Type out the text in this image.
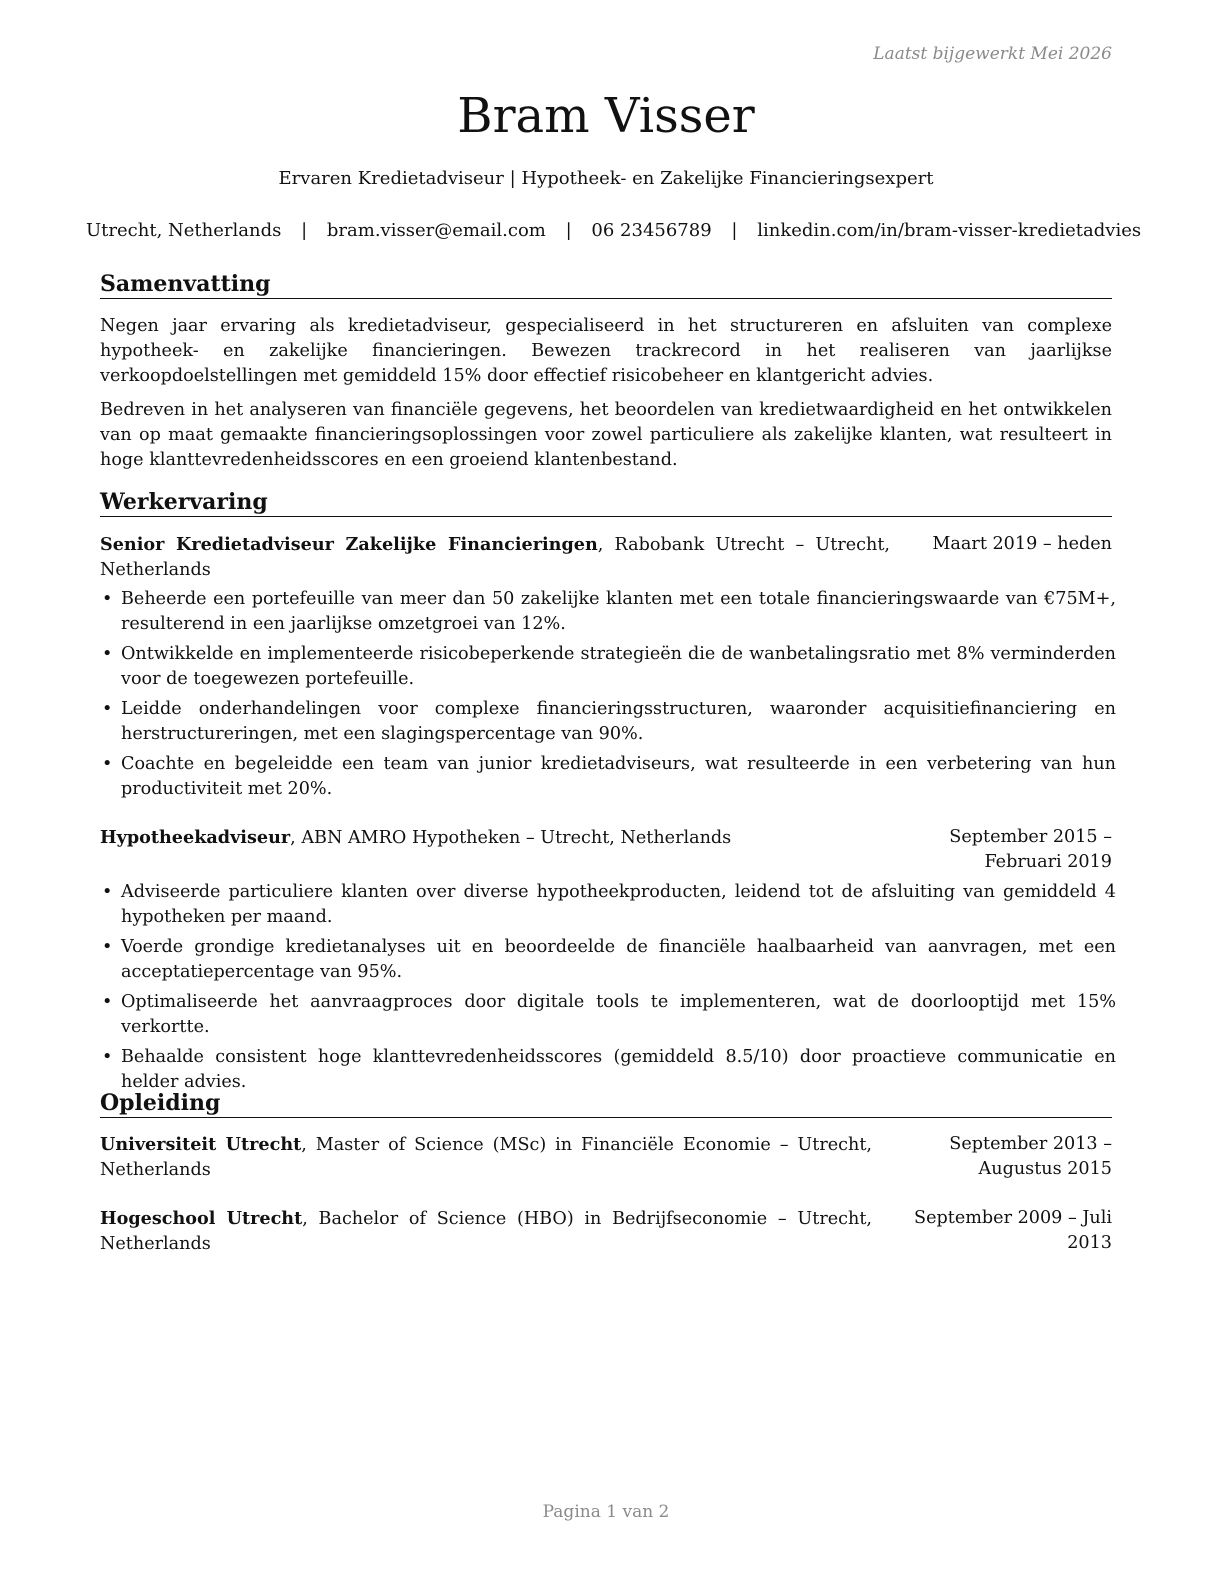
Laatst bijgewerkt Mei 2026
Bram Visser
Ervaren Kredietadviseur | Hypotheek- en Zakelijke Financieringsexpert
Utrecht, Netherlands | bram.visser@email.com | 06 23456789 | linkedin.com/in/bram-visser-kredietadvies
Samenvatting

Negen jaar ervaring als kredietadviseur, gespecialiseerd in het structureren en afsluiten van complexe hypotheek- en zakelijke financieringen. Bewezen trackrecord in het realiseren van jaarlijkse verkoopdoelstellingen met gemiddeld 15% door effectief risicobeheer en klantgericht advies.

Bedreven in het analyseren van financiële gegevens, het beoordelen van kredietwaardigheid en het ontwikkelen van op maat gemaakte financieringsoplossingen voor zowel particuliere als zakelijke klanten, wat resulteert in hoge klanttevredenheidsscores en een groeiend klantenbestand.

Werkervaring
Senior Kredietadviseur Zakelijke Financieringen, Rabobank Utrecht – Utrecht, Netherlands
Maart 2019 – heden
• Beheerde een portefeuille van meer dan 50 zakelijke klanten met een totale financieringswaarde van €75M+, resulterend in een jaarlijkse omzetgroei van 12%.
• Ontwikkelde en implementeerde risicobeperkende strategieën die de wanbetalingsratio met 8% verminderden voor de toegewezen portefeuille.
• Leidde onderhandelingen voor complexe financieringsstructuren, waaronder acquisitiefinanciering en herstructureringen, met een slagingspercentage van 90%.
• Coachte en begeleidde een team van junior kredietadviseurs, wat resulteerde in een verbetering van hun productiviteit met 20%.
Hypotheekadviseur, ABN AMRO Hypotheken – Utrecht, Netherlands	September 2015 – Februari 2019
• Adviseerde particuliere klanten over diverse hypotheekproducten, leidend tot de afsluiting van gemiddeld 4 hypotheken per maand.
• Voerde grondige kredietanalyses uit en beoordeelde de financiële haalbaarheid van aanvragen, met een acceptatiepercentage van 95%.
• Optimaliseerde het aanvraagproces door digitale tools te implementeren, wat de doorlooptijd met 15% verkortte.
• Behaalde consistent hoge klanttevredenheidsscores (gemiddeld 8.5/10) door proactieve communicatie en helder advies.
Opleiding
Universiteit Utrecht, Master of Science (MSc) in Financiële Economie – Utrecht, Netherlands
September 2013 – Augustus 2015
Hogeschool Utrecht, Bachelor of Science (HBO) in Bedrijfseconomie – Utrecht, Netherlands
September 2009 – Juli 2013
Pagina 1 van 2
